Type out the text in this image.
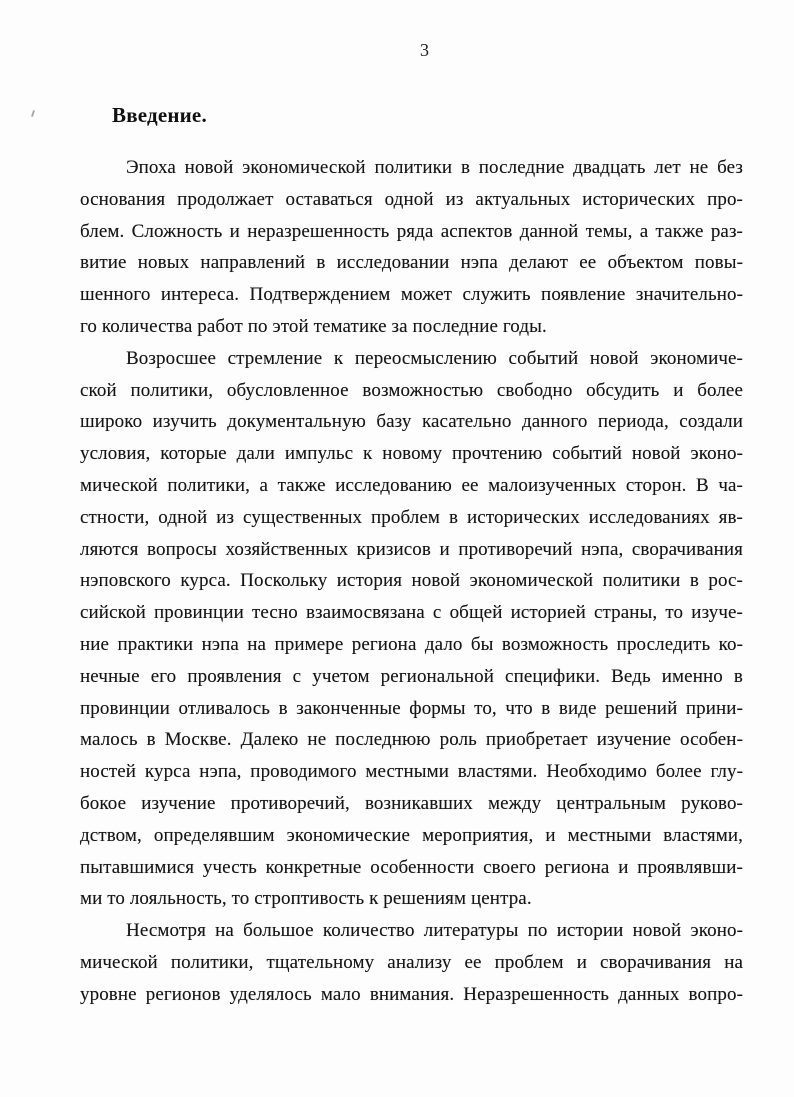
3
Введение.
Эпоха новой экономической политики в последние двадцать лет не без
основания продолжает оставаться одной из актуальных исторических про-
блем. Сложность и неразрешенность ряда аспектов данной темы, а также раз-
витие новых направлений в исследовании нэпа делают ее объектом повы-
шенного интереса. Подтверждением может служить появление значительно-
го количества работ по этой тематике за последние годы.
Возросшее стремление к переосмыслению событий новой экономиче-
ской политики, обусловленное возможностью свободно обсудить и более
широко изучить документальную базу касательно данного периода, создали
условия, которые дали импульс к новому прочтению событий новой эконо-
мической политики, а также исследованию ее малоизученных сторон. В ча-
стности, одной из существенных проблем в исторических исследованиях яв-
ляются вопросы хозяйственных кризисов и противоречий нэпа, сворачивания
нэповского курса. Поскольку история новой экономической политики в рос-
сийской провинции тесно взаимосвязана с общей историей страны, то изуче-
ние практики нэпа на примере региона дало бы возможность проследить ко-
нечные его проявления с учетом региональной специфики. Ведь именно в
провинции отливалось в законченные формы то, что в виде решений прини-
малось в Москве. Далеко не последнюю роль приобретает изучение особен-
ностей курса нэпа, проводимого местными властями. Необходимо более глу-
бокое изучение противоречий, возникавших между центральным руково-
дством, определявшим экономические мероприятия, и местными властями,
пытавшимися учесть конкретные особенности своего региона и проявлявши-
ми то лояльность, то строптивость к решениям центра.
Несмотря на большое количество литературы по истории новой эконо-
мической политики, тщательному анализу ее проблем и сворачивания на
уровне регионов уделялось мало внимания. Неразрешенность данных вопро-
